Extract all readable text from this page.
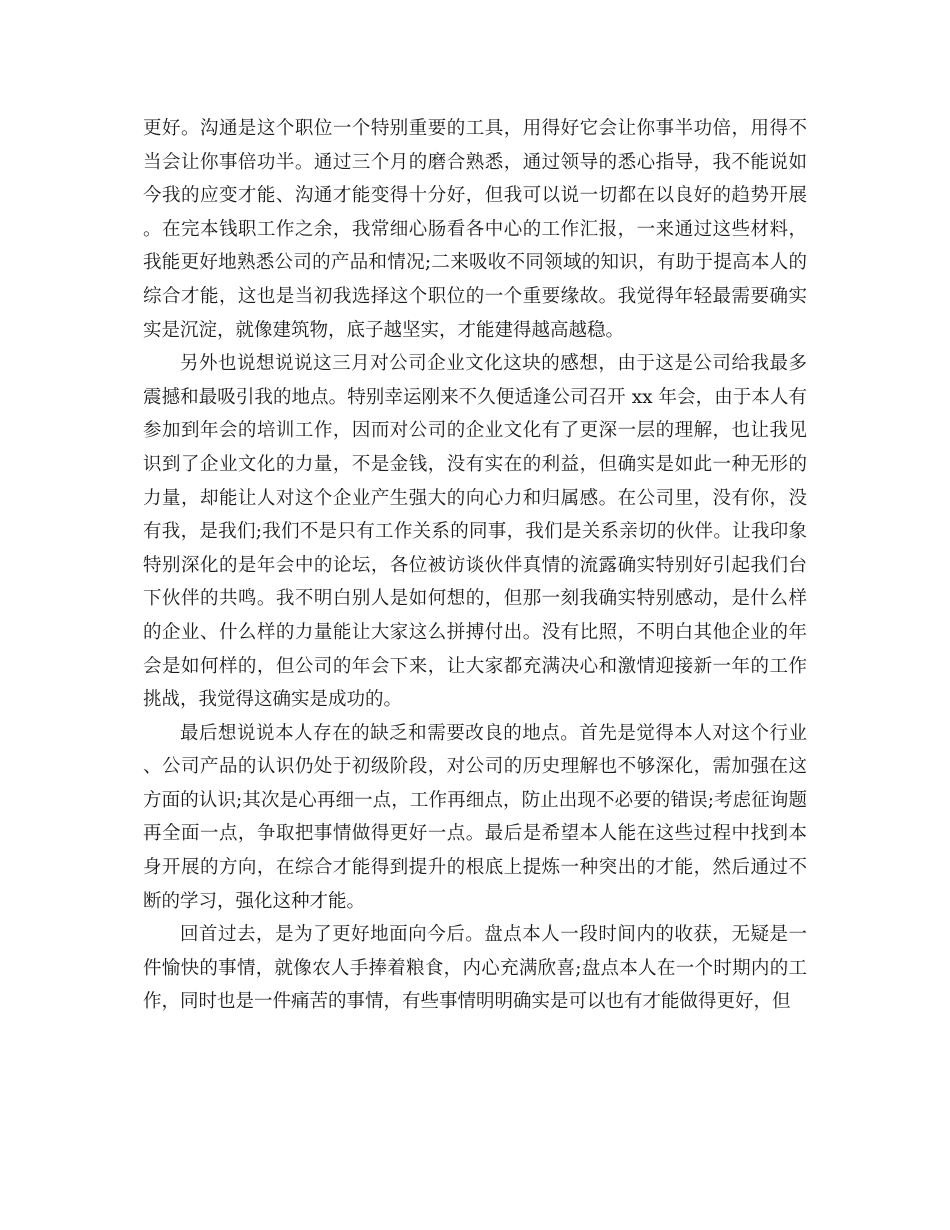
更好。沟通是这个职位一个特别重要的工具，用得好它会让你事半功倍，用得不当会让你事倍功半。通过三个月的磨合熟悉，通过领导的悉心指导，我不能说如今我的应变才能、沟通才能变得十分好，但我可以说一切都在以良好的趋势开展。在完本钱职工作之余，我常细心肠看各中心的工作汇报，一来通过这些材料，我能更好地熟悉公司的产品和情况;二来吸收不同领域的知识，有助于提高本人的综合才能，这也是当初我选择这个职位的一个重要缘故。我觉得年轻最需要确实实是沉淀，就像建筑物，底子越坚实，才能建得越高越稳。

另外也说想说说这三月对公司企业文化这块的感想，由于这是公司给我最多震撼和最吸引我的地点。特别幸运刚来不久便适逢公司召开 xx 年会，由于本人有参加到年会的培训工作，因而对公司的企业文化有了更深一层的理解，也让我见识到了企业文化的力量，不是金钱，没有实在的利益，但确实是如此一种无形的力量，却能让人对这个企业产生强大的向心力和归属感。在公司里，没有你，没有我，是我们;我们不是只有工作关系的同事，我们是关系亲切的伙伴。让我印象特别深化的是年会中的论坛，各位被访谈伙伴真情的流露确实特别好引起我们台下伙伴的共鸣。我不明白别人是如何想的，但那一刻我确实特别感动，是什么样的企业、什么样的力量能让大家这么拼搏付出。没有比照，不明白其他企业的年会是如何样的，但公司的年会下来，让大家都充满决心和激情迎接新一年的工作挑战，我觉得这确实是成功的。

最后想说说本人存在的缺乏和需要改良的地点。首先是觉得本人对这个行业、公司产品的认识仍处于初级阶段，对公司的历史理解也不够深化，需加强在这方面的认识;其次是心再细一点，工作再细点，防止出现不必要的错误;考虑征询题再全面一点，争取把事情做得更好一点。最后是希望本人能在这些过程中找到本身开展的方向，在综合才能得到提升的根底上提炼一种突出的才能，然后通过不断的学习，强化这种才能。

回首过去，是为了更好地面向今后。盘点本人一段时间内的收获，无疑是一件愉快的事情，就像农人手捧着粮食，内心充满欣喜;盘点本人在一个时期内的工作，同时也是一件痛苦的事情，有些事情明明确实是可以也有才能做得更好，但
